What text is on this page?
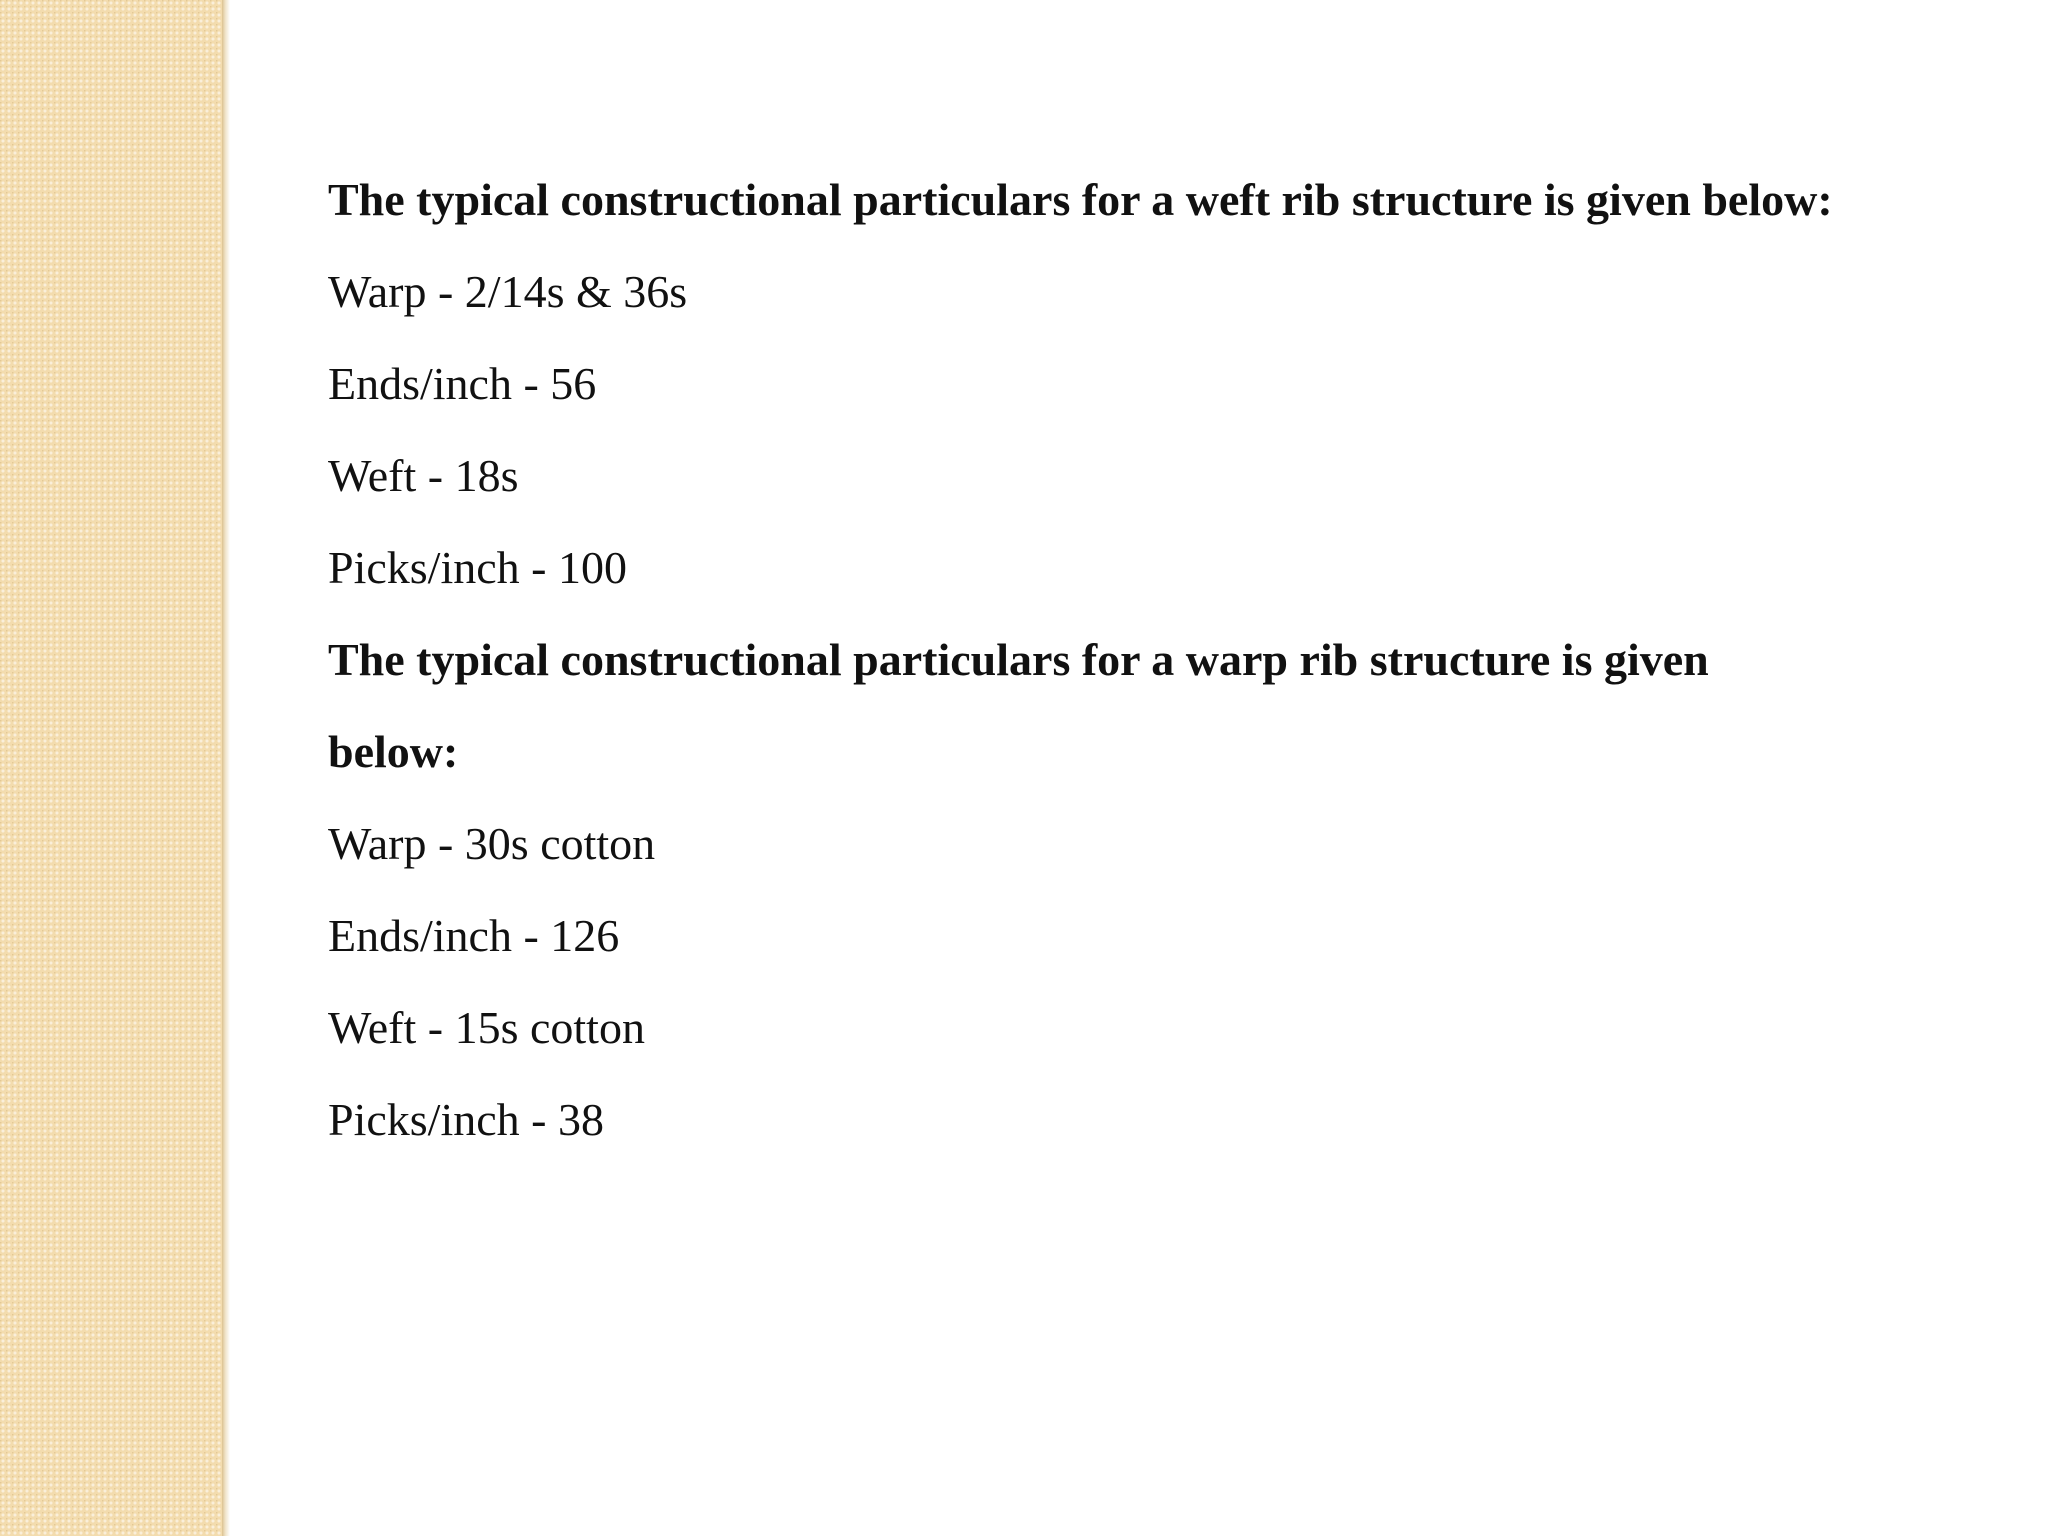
The typical constructional particulars for a weft rib structure is given below:

Warp - 2/14s & 36s

Ends/inch - 56

Weft - 18s

Picks/inch - 100

The typical constructional particulars for a warp rib structure is given below:

Warp - 30s cotton

Ends/inch - 126

Weft - 15s cotton

Picks/inch - 38
